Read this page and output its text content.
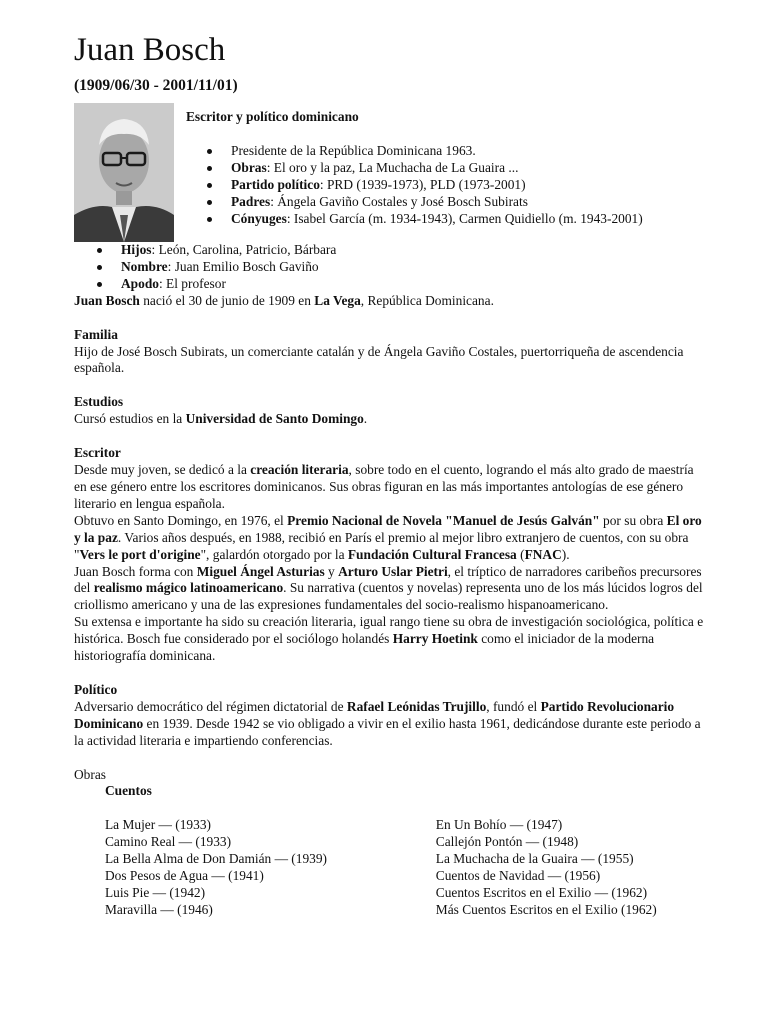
Juan Bosch
(1909/06/30 - 2001/11/01)
Escritor y político dominicano
Presidente de la República Dominicana 1963.
Obras: El oro y la paz, La Muchacha de La Guaira ...
Partido político: PRD (1939-1973), PLD (1973-2001)
Padres: Ángela Gaviño Costales y José Bosch Subirats
Cónyuges: Isabel García (m. 1934-1943), Carmen Quidiello (m. 1943-2001)
Hijos: León, Carolina, Patricio, Bárbara
Nombre: Juan Emilio Bosch Gaviño
Apodo: El profesor

Juan Bosch nació el 30 de junio de 1909 en La Vega, República Dominicana.

Familia

Hijo de José Bosch Subirats, un comerciante catalán y de Ángela Gaviño Costales, puertorriqueña de ascendencia española.

Estudios

Cursó estudios en la Universidad de Santo Domingo.

Escritor

Desde muy joven, se dedicó a la creación literaria, sobre todo en el cuento, logrando el más alto grado de maestría en ese género entre los escritores dominicanos. Sus obras figuran en las más importantes antologías de ese género literario en lengua española.

Obtuvo en Santo Domingo, en 1976, el Premio Nacional de Novela "Manuel de Jesús Galván" por su obra El oro y la paz. Varios años después, en 1988, recibió en París el premio al mejor libro extranjero de cuentos, con su obra "Vers le port d'origine", galardón otorgado por la Fundación Cultural Francesa (FNAC).

Juan Bosch forma con Miguel Ángel Asturias y Arturo Uslar Pietri, el tríptico de narradores caribeños precursores del realismo mágico latinoamericano. Su narrativa (cuentos y novelas) representa uno de los más lúcidos logros del criollismo americano y una de las expresiones fundamentales del socio-realismo hispanoamericano.

Su extensa e importante ha sido su creación literaria, igual rango tiene su obra de investigación sociológica, política e histórica. Bosch fue considerado por el sociólogo holandés Harry Hoetink como el iniciador de la moderna historiografía dominicana.

Político

Adversario democrático del régimen dictatorial de Rafael Leónidas Trujillo, fundó el Partido Revolucionario Dominicano en 1939. Desde 1942 se vio obligado a vivir en el exilio hasta 1961, dedicándose durante este periodo a la actividad literaria e impartiendo conferencias.

Obras
Cuentos
La Mujer — (1933)
Camino Real — (1933)
La Bella Alma de Don Damián — (1939)
Dos Pesos de Agua — (1941)
Luis Pie — (1942)
Maravilla — (1946)
En Un Bohío — (1947)
Callejón Pontón — (1948)
La Muchacha de la Guaira — (1955)
Cuentos de Navidad — (1956)
Cuentos Escritos en el Exilio — (1962)
Más Cuentos Escritos en el Exilio (1962)
